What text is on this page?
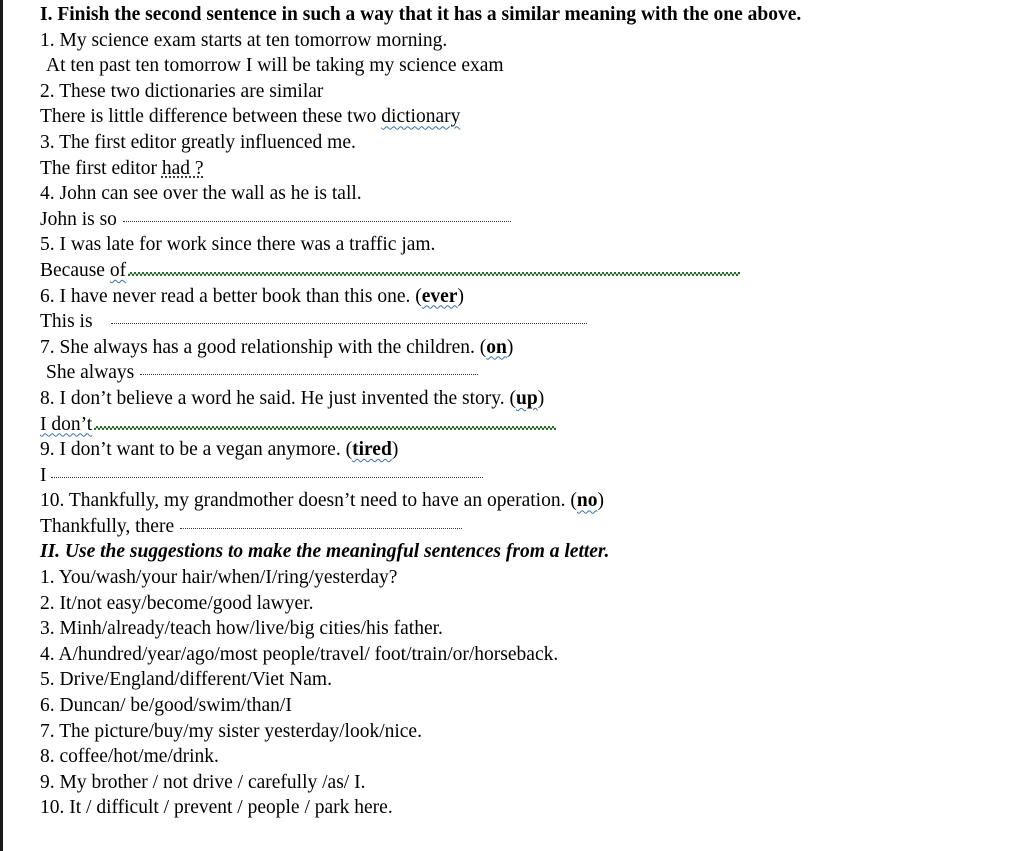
I. Finish the second sentence in such a way that it has a similar meaning with the one above.
1. My science exam starts at ten tomorrow morning.
At ten past ten tomorrow I will be taking my science exam
2. These two dictionaries are similar
There is little difference between these two dictionary
3. The first editor greatly influenced me.
The first editor had ?
4. John can see over the wall as he is tall.
John is so
5. I was late for work since there was a traffic jam.
Because of
6. I have never read a better book than this one. (ever)
This is
7. She always has a good relationship with the children. (on)
She always
8. I don’t believe a word he said. He just invented the story. (up)
I don’t
9. I don’t want to be a vegan anymore. (tired)
I
10. Thankfully, my grandmother doesn’t need to have an operation. (no)
Thankfully, there
II. Use the suggestions to make the meaningful sentences from a letter.
1. You/wash/your hair/when/I/ring/yesterday?
2. It/not easy/become/good lawyer.
3. Minh/already/teach how/live/big cities/his father.
4. A/hundred/year/ago/most people/travel/ foot/train/or/horseback.
5. Drive/England/different/Viet Nam.
6. Duncan/ be/good/swim/than/I
7. The picture/buy/my sister yesterday/look/nice.
8. coffee/hot/me/drink.
9. My brother / not drive / carefully /as/ I.
10. It / difficult / prevent / people / park here.
